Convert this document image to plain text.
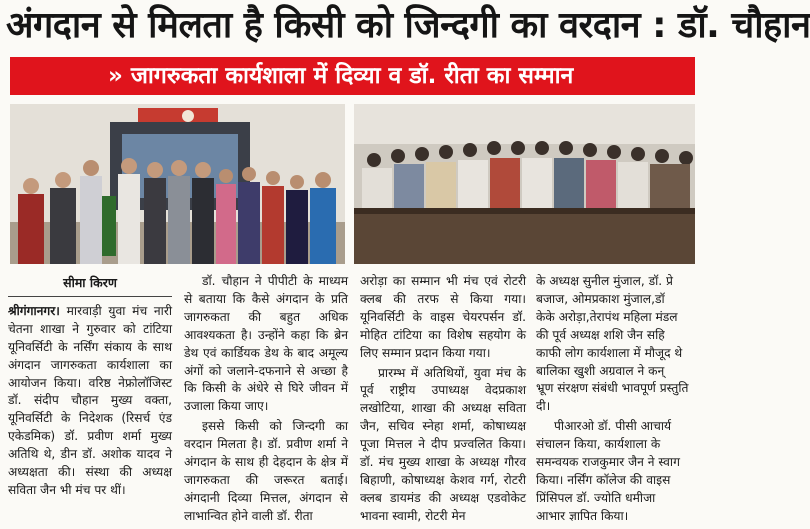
अंगदान से मिलता है किसी को जिन्दगी का वरदान : डॉ. चौहान
» जागरुकता कार्यशाला में दिव्या व डॉ. रीता का सम्मान
सीमा किरण

श्रीगंगानगर। मारवाड़ी युवा मंच नारी चेतना शाखा ने गुरुवार को टांटिया यूनिवर्सिटी के नर्सिंग संकाय के साथ अंगदान जागरुकता कार्यशाला का आयोजन किया। वरिष्ठ नेफ्रोलॉजिस्ट डॉ. संदीप चौहान मुख्य वक्ता, यूनिवर्सिटी के निदेशक (रिसर्च एंड एकेडमिक) डॉ. प्रवीण शर्मा मुख्य अतिथि थे, डीन डॉ. अशोक यादव ने अध्यक्षता की। संस्था की अध्यक्ष सविता जैन भी मंच पर थीं।

डॉ. चौहान ने पीपीटी के माध्यम से बताया कि कैसे अंगदान के प्रति जागरुकता की बहुत अधिक आवश्यकता है। उन्होंने कहा कि ब्रेन डेथ एवं कार्डियक डेथ के बाद अमूल्य अंगों को जलाने-दफनाने से अच्छा है कि किसी के अंधेरे से घिरे जीवन में उजाला किया जाए।

इससे किसी को जिन्दगी का वरदान मिलता है। डॉ. प्रवीण शर्मा ने अंगदान के साथ ही देहदान के क्षेत्र में जागरुकता की जरूरत बताई। अंगदानी दिव्या मित्तल, अंगदान से लाभान्वित होने वाली डॉ. रीता

अरोड़ा का सम्मान भी मंच एवं रोटरी क्लब की तरफ से किया गया। यूनिवर्सिटी के वाइस चेयरपर्सन डॉ. मोहित टांटिया का विशेष सहयोग के लिए सम्मान प्रदान किया गया।

प्रारम्भ में अतिथियों, युवा मंच के पूर्व राष्ट्रीय उपाध्यक्ष वेदप्रकाश लखोटिया, शाखा की अध्यक्ष सविता जैन, सचिव स्नेहा शर्मा, कोषाध्यक्ष पूजा मित्तल ने दीप प्रज्वलित किया। डॉ. मंच मुख्य शाखा के अध्यक्ष गौरव बिहाणी, कोषाध्यक्ष केशव गर्ग, रोटरी क्लब डायमंड की अध्यक्ष एडवोकेट भावना स्वामी, रोटरी मेन

के अध्यक्ष सुनील मुंजाल, डॉ. प्रे
बजाज, ओमप्रकाश मुंजाल,डॉ
केके अरोड़ा,तेरापंथ महिला मंडल
की पूर्व अध्यक्ष शशि जैन सहि
काफी लोग कार्यशाला में मौजूद थे
बालिका खुशी अग्रवाल ने कन्
भ्रूण संरक्षण संबंधी भावपूर्ण प्रस्तुति
दी।
पीआरओ डॉ. पीसी आचार्य
संचालन किया, कार्यशाला के
समन्वयक राजकुमार जैन ने स्वाग
किया। नर्सिंग कॉलेज की वाइस
प्रिंसिपल डॉ. ज्योति धमीजा
आभार ज्ञापित किया।
